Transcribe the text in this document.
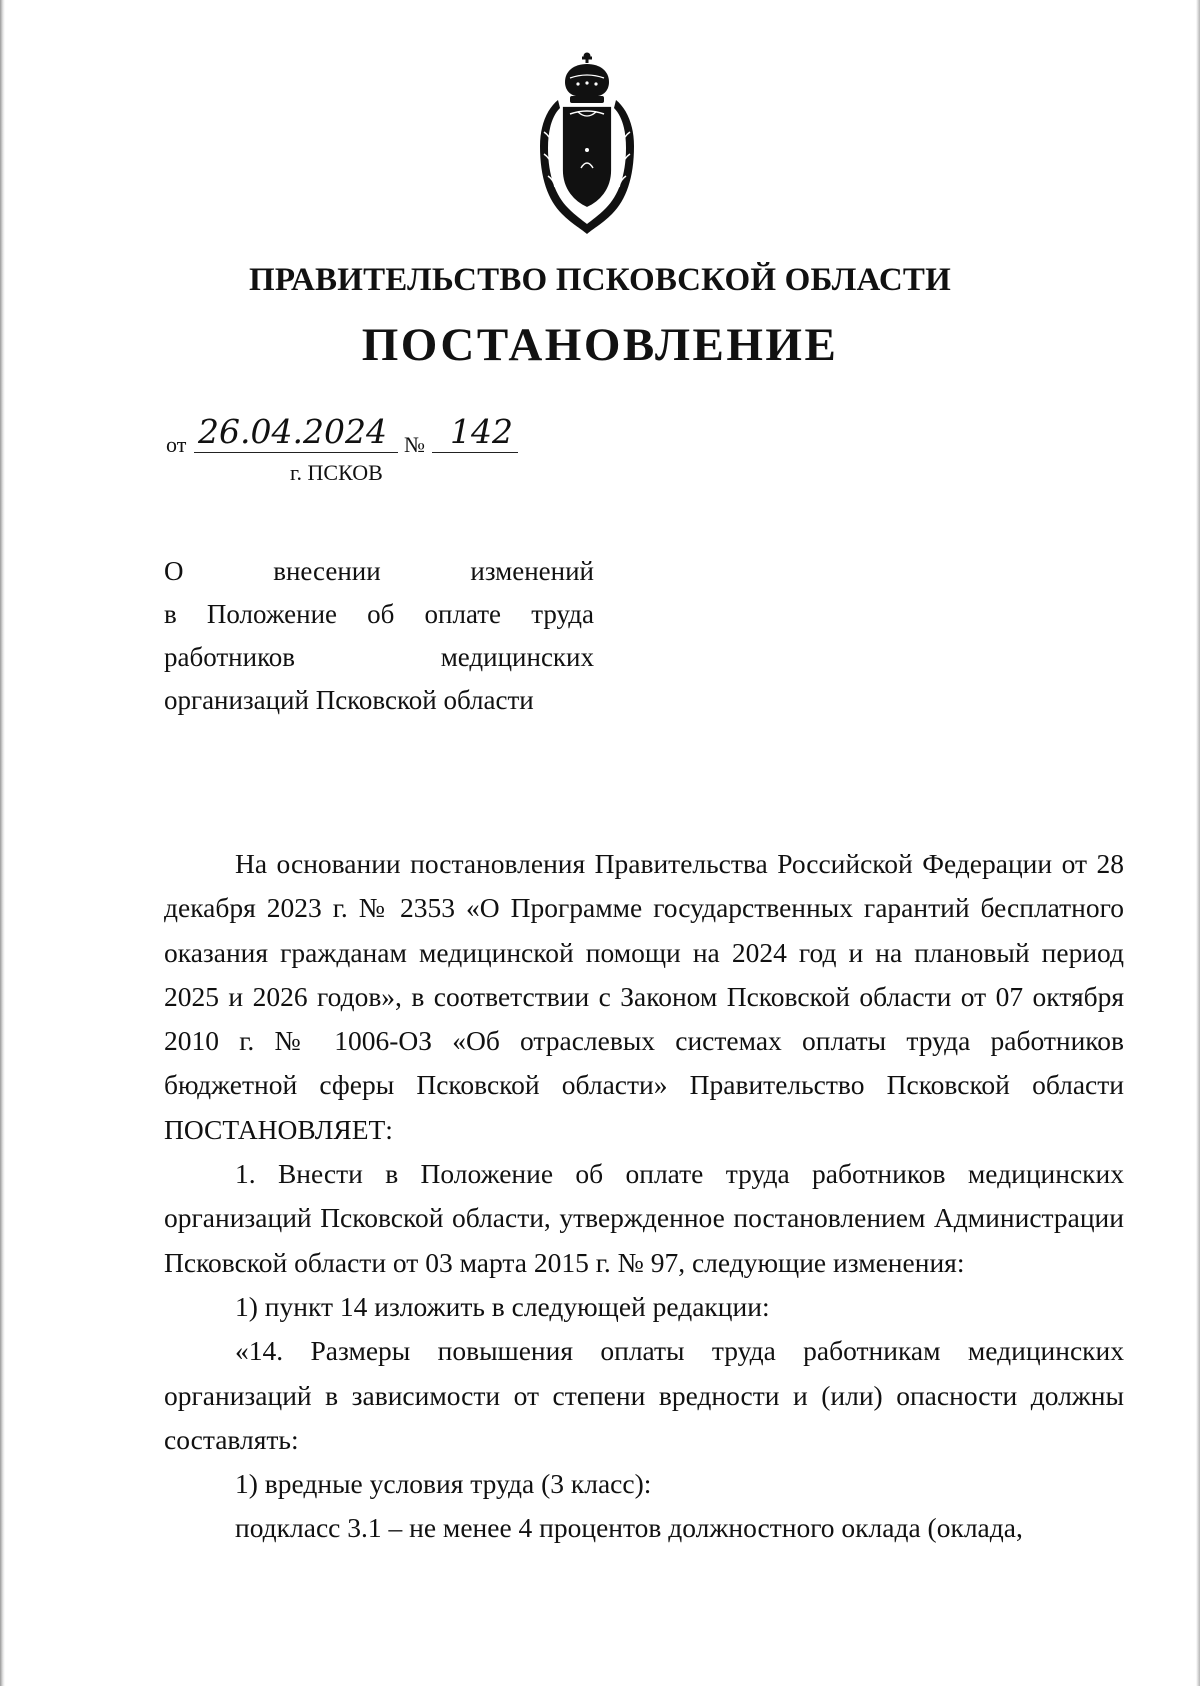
ПРАВИТЕЛЬСТВО ПСКОВСКОЙ ОБЛАСТИ
ПОСТАНОВЛЕНИЕ
от 26.04.2024 № 142
г. ПСКОВ
О внесении изменений
в Положение об оплате труда
работников медицинских
организаций Псковской области

На основании постановления Правительства Российской Федерации от 28 декабря 2023 г. № 2353 «О Программе государственных гарантий бесплатного оказания гражданам медицинской помощи на 2024 год и на плановый период 2025 и 2026 годов», в соответствии с Законом Псковской области от 07 октября 2010 г. № 1006-ОЗ «Об отраслевых системах оплаты труда работников бюджетной сферы Псковской области» Правительство Псковской области ПОСТАНОВЛЯЕТ:

1. Внести в Положение об оплате труда работников медицинских организаций Псковской области, утвержденное постановлением Администрации Псковской области от 03 марта 2015 г. № 97, следующие изменения:

1) пункт 14 изложить в следующей редакции:

«14. Размеры повышения оплаты труда работникам медицинских организаций в зависимости от степени вредности и (или) опасности должны составлять:

1) вредные условия труда (3 класс):

подкласс 3.1 – не менее 4 процентов должностного оклада (оклада,
